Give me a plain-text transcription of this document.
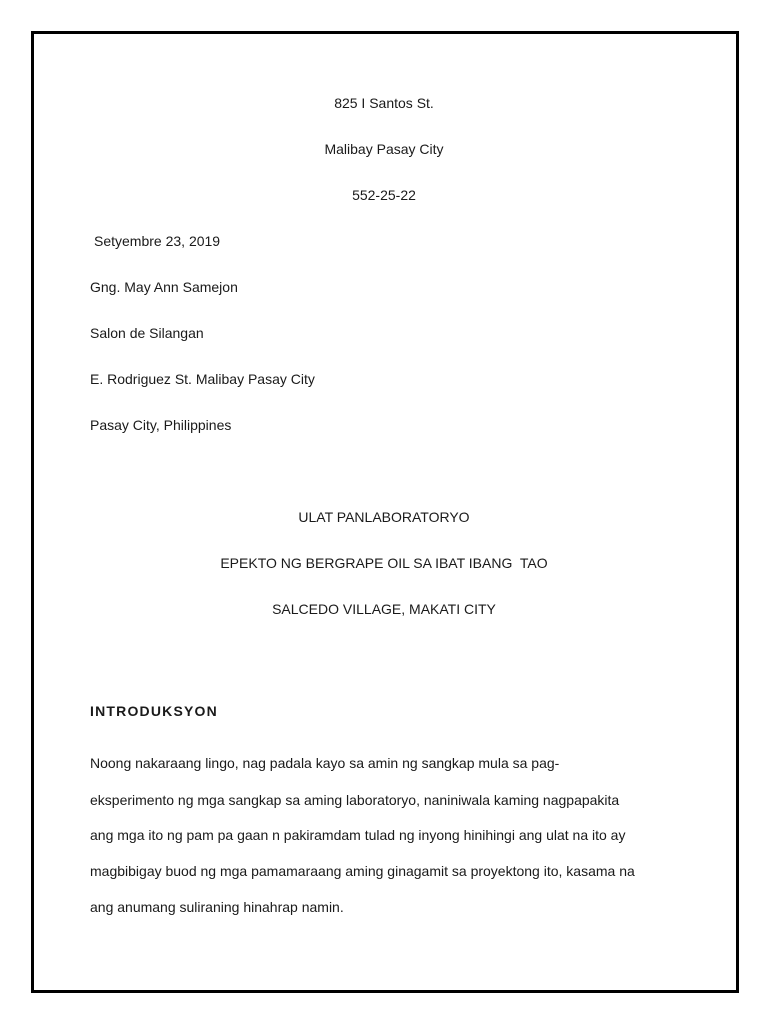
825 I Santos St.
Malibay Pasay City
552-25-22
Setyembre 23, 2019
Gng. May Ann Samejon
Salon de Silangan
E. Rodriguez St. Malibay Pasay City
Pasay City, Philippines
ULAT PANLABORATORYO
EPEKTO NG BERGRAPE OIL SA IBAT IBANG  TAO
SALCEDO VILLAGE, MAKATI CITY
INTRODUKSYON
Noong nakaraang lingo, nag padala kayo sa amin ng sangkap mula sa pag-
eksperimento ng mga sangkap sa aming laboratoryo, naniniwala kaming nagpapakita
ang mga ito ng pam pa gaan n pakiramdam tulad ng inyong hinihingi ang ulat na ito ay
magbibigay buod ng mga pamamaraang aming ginagamit sa proyektong ito, kasama na
ang anumang suliraning hinahrap namin.
